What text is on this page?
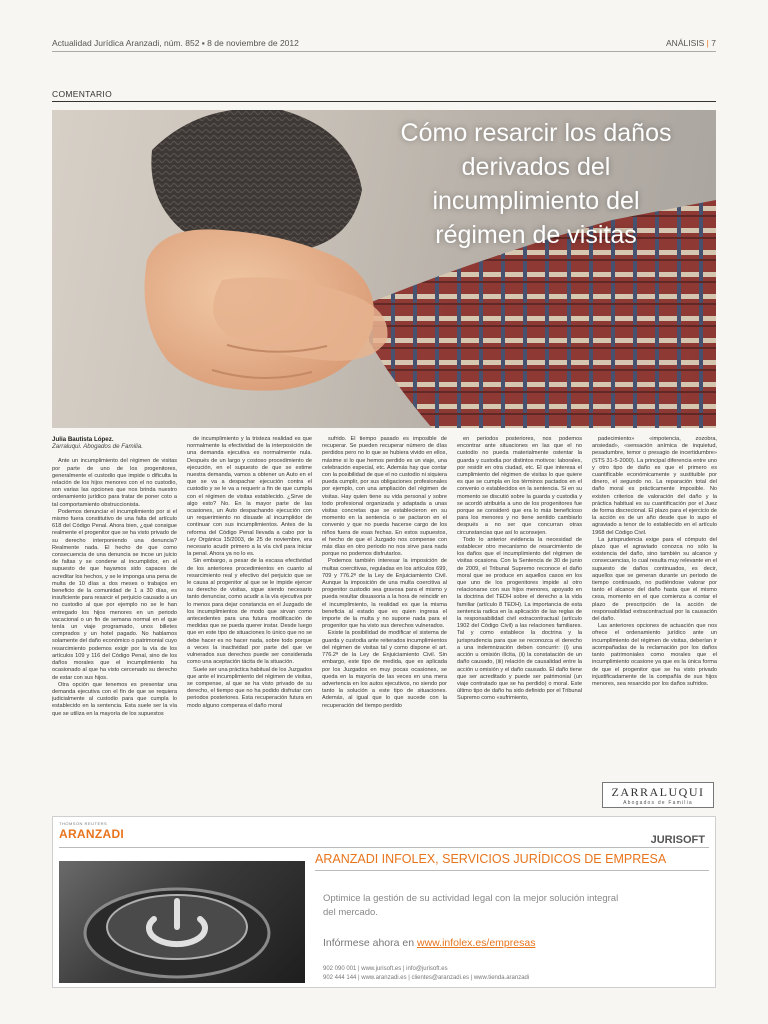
Actualidad Jurídica Aranzadi, núm. 852 ▪ 8 de noviembre de 2012	ANÁLISIS | 7
COMENTARIO
Cómo resarcir los daños derivados del incumplimiento del régimen de visitas
Julia Bautista López.
Zarraluqui. Abogados de Familia.

Ante un incumplimiento del régimen de visitas por parte de uno de los progenitores, generalmente el custodio que impide o dificulta la relación de los hijos menores con el no custodio, son varias las opciones que nos brinda nuestro ordenamiento jurídico para tratar de poner coto a tal comportamiento obstruccionista.

Podemos denunciar el incumplimiento por si el mismo fuera constitutivo de una falta del artículo 618 del Código Penal. Ahora bien, ¿qué consigue realmente el progenitor que se ha visto privado de su derecho interponiendo una denuncia? Realmente nada. El hecho de que como consecuencia de una denuncia se incoe un juicio de faltas y se condene al incumplidor, en el supuesto de que hayamos sido capaces de acreditar los hechos, y se le imponga una pena de multa de 10 días a dos meses o trabajos en beneficio de la comunidad de 1 a 30 días, es insuficiente para resarcir el perjuicio causado a un no custodio al que por ejemplo no se le han entregado los hijos menores en un periodo vacacional o un fin de semana normal en el que tenía un viaje programado, unos billetes comprados y un hotel pagado. No hablamos solamente del daño económico o patrimonial cuyo resarcimiento podemos exigir por la vía de los artículos 109 y 116 del Código Penal, sino de los daños morales que el incumplimiento ha ocasionado al que ha visto cercenado su derecho de estar con sus hijos.

Otra opción que tenemos es presentar una demanda ejecutiva con el fin de que se requiera judicialmente al custodio para que cumpla lo establecido en la sentencia. Esta suele ser la vía que se utiliza en la mayoría de los supuestos

de incumplimiento y la tristeza realidad es que normalmente la efectividad de la interposición de una demanda ejecutiva es normalmente nula. Después de un largo y costoso procedimiento de ejecución, en el supuesto de que se estime nuestra demanda, vamos a obtener un Auto en el que se va a despachar ejecución contra el custodio y se le va a requerir a fin de que cumpla con el régimen de visitas establecido. ¿Sirve de algo esto? No. En la mayor parte de las ocasiones, un Auto despachando ejecución con un requerimiento no disuade al incumplidor de continuar con sus incumplimientos. Antes de la reforma del Código Penal llevada a cabo por la Ley Orgánica 15/2003, de 25 de noviembre, era necesario acudir primero a la vía civil para iniciar la penal. Ahora ya no lo es.

Sin embargo, a pesar de la escasa efectividad de los anteriores procedimientos en cuanto al resarcimiento real y efectivo del perjuicio que se le causa al progenitor al que se le impide ejercer su derecho de visitas, sigue siendo necesario tanto denunciar, como acudir a la vía ejecutiva por lo menos para dejar constancia en el Juzgado de los incumplimientos de modo que sirvan como antecedentes para una futura modificación de medidas que se pueda querer instar. Desde luego que en este tipo de situaciones lo único que no se debe hacer es no hacer nada, sobre todo porque a veces la inactividad por parte del que ve vulnerados sus derechos puede ser considerada como una aceptación tácita de la situación.

Suele ser una práctica habitual de los Juzgados que ante el incumplimiento del régimen de visitas, se compense, al que se ha visto privado de su derecho, el tiempo que no ha podido disfrutar con periodos posteriores. Esta recuperación futura en modo alguno compensa el daño moral

sufrido. El tiempo pasado es imposible de recuperar. Se pueden recuperar número de días perdidos pero no lo que se hubiera vivido en ellos, máxime si lo que hemos perdido es un viaje, una celebración especial, etc. Además hay que contar con la posibilidad de que el no custodio ni siquiera pueda cumplir, por sus obligaciones profesionales por ejemplo, con una ampliación del régimen de visitas. Hay quien tiene su vida personal y sobre todo profesional organizada y adaptada a unas visitas concretas que se establecieron en su momento en la sentencia o se pactaron en el convenio y que no pueda hacerse cargo de los niños fuera de esas fechas. En estos supuestos, el hecho de que el Juzgado nos compense con más días en otro periodo no nos sirve para nada porque no podemos disfrutarlos.

Podemos también interesar la imposición de multas coercitivas, reguladas en los artículos 699, 709 y 776.2ª de la Ley de Enjuiciamiento Civil. Aunque la imposición de una multa coercitiva al progenitor custodio sea gravosa para el mismo y pueda resultar disuasoria a la hora de reincidir en el incumplimiento, la realidad es que la misma beneficia al estado que es quien ingresa el importe de la multa y no supone nada para el progenitor que ha visto sus derechos vulnerados.

Existe la posibilidad de modificar el sistema de guarda y custodia ante reiterados incumplimientos del régimen de visitas tal y como dispone el art. 776.2ª de la Ley de Enjuiciamiento Civil. Sin embargo, este tipo de medida, que es aplicada por los Juzgados en muy pocas ocasiones, se queda en la mayoría de las veces en una mera advertencia en los autos ejecutivos, no siendo por tanto la solución a este tipo de situaciones. Además, al igual que lo que sucede con la recuperación del tiempo perdido

en periodos posteriores, nos podemos encontrar ante situaciones en las que el no custodio no pueda materialmente ostentar la guarda y custodia por distintos motivos: laborales, por residir en otra ciudad, etc. El que interesa el cumplimiento del régimen de visitas lo que quiere es que se cumpla en los términos pactados en el convenio o establecidos en la sentencia. Si en su momento se discutió sobre la guarda y custodia y se acordó atribuirla a uno de los progenitores fue porque se consideró que era lo más beneficioso para los menores y no tiene sentido cambiarlo después a no ser que concurran otras circunstancias que así lo aconsejen.

Todo lo anterior evidencia la necesidad de establecer otro mecanismo de resarcimiento de los daños que el incumplimiento del régimen de visitas ocasiona. Con la Sentencia de 30 de junio de 2009, el Tribunal Supremo reconoce el daño moral que se produce en aquellos casos en los que uno de los progenitores impide al otro relacionarse con sus hijos menores, apoyado en la doctrina del TEDH sobre el derecho a la vida familiar (artículo 8 TEDH). La importancia de esta sentencia radica en la aplicación de las reglas de la responsabilidad civil extracontractual (artículo 1902 del Código Civil) a las relaciones familiares. Tal y como establece la doctrina y la jurisprudencia para que se reconozca el derecho a una indemnización deben concurrir: (i) una acción u omisión ilícita, (ii) la constatación de un daño causado, (iii) relación de causalidad entre la acción u omisión y el daño causado. El daño tiene que ser acreditado y puede ser patrimonial (un viaje contratado que se ha perdido) o moral. Este último tipo de daño ha sido definido por el Tribunal Supremo como «sufrimiento,

padecimiento» «impotencia, zozobra, ansiedad», «sensación anímica de inquietud, pesadumbre, temor o presagio de incertidumbre» (STS 31-5-2000). La principal diferencia entre uno y otro tipo de daño es que el primero es cuantificable económicamente y sustituible por dinero, el segundo no. La reparación total del daño moral es prácticamente imposible. No existen criterios de valoración del daño y la práctica habitual es su cuantificación por el Juez de forma discrecional. El plazo para el ejercicio de la acción es de un año desde que lo supo el agraviado a tenor de lo establecido en el artículo 1968 del Código Civil.

La jurisprudencia exige para el cómputo del plazo que el agraviado conozca no sólo la existencia del daño, sino también su alcance y consecuencias, lo cual resulta muy relevante en el supuesto de daños continuados, es decir, aquellos que se generan durante un periodo de tiempo continuado, no pudiéndose valorar por tanto el alcance del daño hasta que el mismo cesa, momento en el que comienza a contar el plazo de prescripción de la acción de responsabilidad extracontractual por la causación del daño.

Las anteriores opciones de actuación que nos ofrece el ordenamiento jurídico ante un incumplimiento del régimen de visitas, deberían ir acompañadas de la reclamación por los daños tanto patrimoniales como morales que el incumplimiento ocasione ya que es la única forma de que el progenitor que se ha visto privado injustificadamente de la compañía de sus hijos menores, sea resarcido por los daños sufridos.

ZARRALUQUI
Abogados de Familia
THOMSON REUTERS
ARANZADI	JURISOFT
ARANZADI INFOLEX, SERVICIOS JURÍDICOS DE EMPRESA
Optimice la gestión de su actividad legal con la mejor solución integral del mercado.
Infórmese ahora en www.infolex.es/empresas
902 090 001 | www.jurisoft.es | info@jurisoft.es
902 444 144 | www.aranzadi.es | clientes@aranzadi.es | www.tienda.aranzadi
